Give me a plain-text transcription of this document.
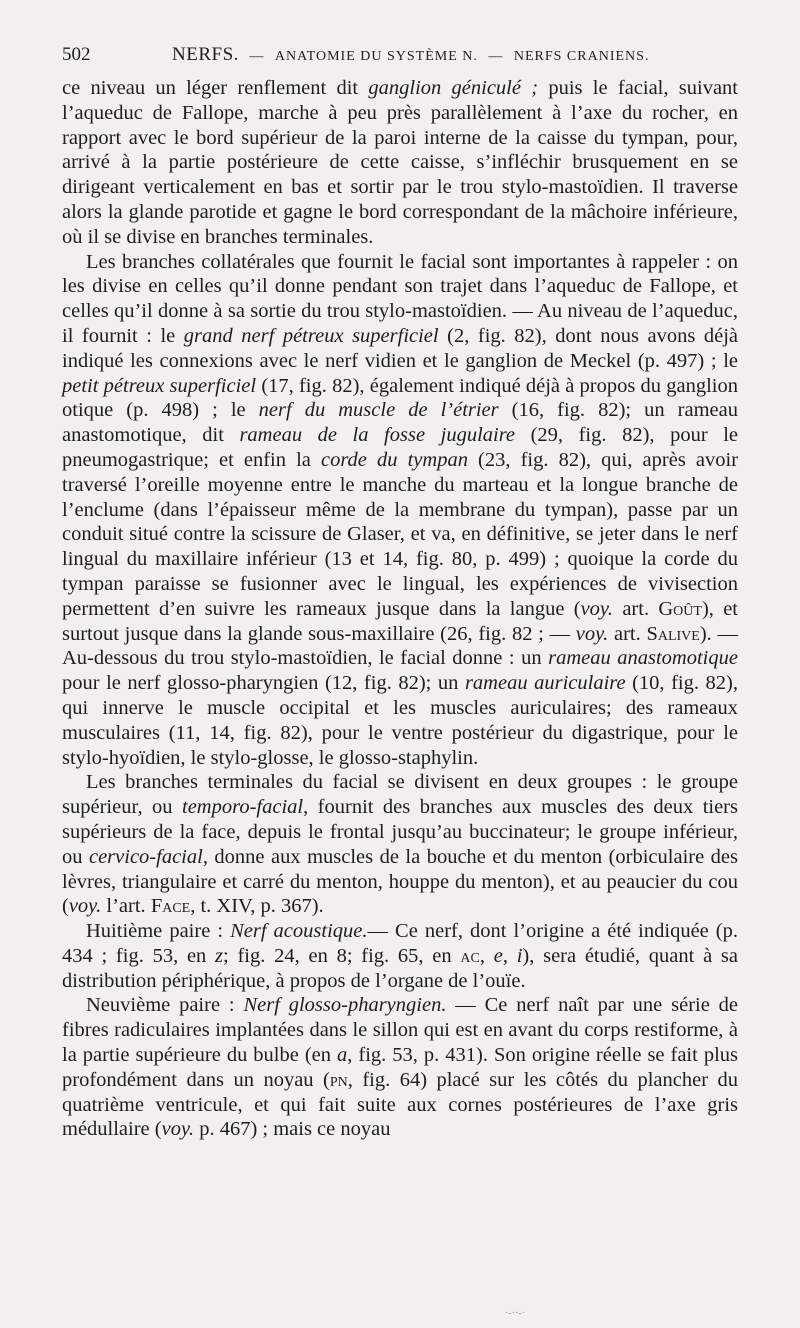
502	NERFS. — ANATOMIE DU SYSTÈME N. — NERFS CRANIENS.

ce niveau un léger renflement dit ganglion géniculé ; puis le facial, suivant l’aqueduc de Fallope, marche à peu près parallèlement à l’axe du rocher, en rapport avec le bord supérieur de la paroi interne de la caisse du tympan, pour, arrivé à la partie postérieure de cette caisse, s’infléchir brusquement en se dirigeant verticalement en bas et sortir par le trou stylo-mastoïdien. Il traverse alors la glande parotide et gagne le bord correspondant de la mâchoire inférieure, où il se divise en branches terminales.

Les branches collatérales que fournit le facial sont importantes à rappeler : on les divise en celles qu’il donne pendant son trajet dans l’aqueduc de Fallope, et celles qu’il donne à sa sortie du trou stylo-mastoïdien. — Au niveau de l’aqueduc, il fournit : le grand nerf pétreux superficiel (2, fig. 82), dont nous avons déjà indiqué les connexions avec le nerf vidien et le ganglion de Meckel (p. 497) ; le petit pétreux superficiel (17, fig. 82), également indiqué déjà à propos du ganglion otique (p. 498) ; le nerf du muscle de l’étrier (16, fig. 82); un rameau anastomotique, dit rameau de la fosse jugulaire (29, fig. 82), pour le pneumogastrique; et enfin la corde du tympan (23, fig. 82), qui, après avoir traversé l’oreille moyenne entre le manche du marteau et la longue branche de l’enclume (dans l’épaisseur même de la membrane du tympan), passe par un conduit situé contre la scissure de Glaser, et va, en définitive, se jeter dans le nerf lingual du maxillaire inférieur (13 et 14, fig. 80, p. 499) ; quoique la corde du tympan paraisse se fusionner avec le lingual, les expériences de vivisection permettent d’en suivre les rameaux jusque dans la langue (voy. art. Goût), et surtout jusque dans la glande sous-maxillaire (26, fig. 82 ; — voy. art. Salive). — Au-dessous du trou stylo-mastoïdien, le facial donne : un rameau anastomotique pour le nerf glosso-pharyngien (12, fig. 82); un rameau auriculaire (10, fig. 82), qui innerve le muscle occipital et les muscles auriculaires; des rameaux musculaires (11, 14, fig. 82), pour le ventre postérieur du digastrique, pour le stylo-hyoïdien, le stylo-glosse, le glosso-staphylin.

Les branches terminales du facial se divisent en deux groupes : le groupe supérieur, ou temporo-facial, fournit des branches aux muscles des deux tiers supérieurs de la face, depuis le frontal jusqu’au buccinateur; le groupe inférieur, ou cervico-facial, donne aux muscles de la bouche et du menton (orbiculaire des lèvres, triangulaire et carré du menton, houppe du menton), et au peaucier du cou (voy. l’art. Face, t. XIV, p. 367).

Huitième paire : Nerf acoustique.— Ce nerf, dont l’origine a été indiquée (p. 434 ; fig. 53, en z; fig. 24, en 8; fig. 65, en ac, e, i), sera étudié, quant à sa distribution périphérique, à propos de l’organe de l’ouïe.

Neuvième paire : Nerf glosso-pharyngien. — Ce nerf naît par une série de fibres radiculaires implantées dans le sillon qui est en avant du corps restiforme, à la partie supérieure du bulbe (en a, fig. 53, p. 431). Son origine réelle se fait plus profondément dans un noyau (pn, fig. 64) placé sur les côtés du plancher du quatrième ventricule, et qui fait suite aux cornes postérieures de l’axe gris médullaire (voy. p. 467) ; mais ce noyau

·-··-·
